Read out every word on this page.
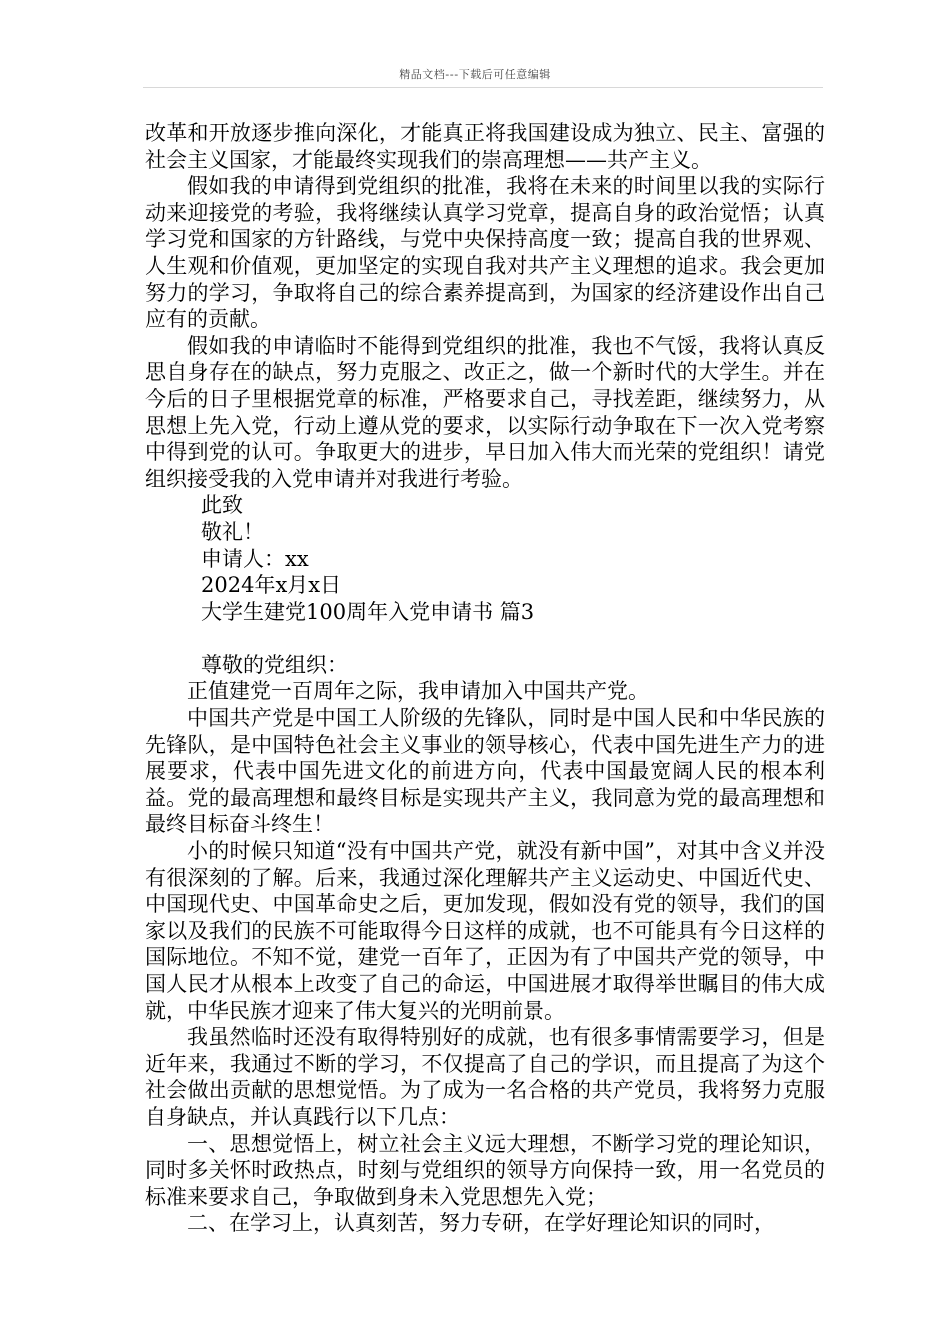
精品文档---下载后可任意编辑

改革和开放逐步推向深化，才能真正将我国建设成为独立、民主、富强的社会主义国家，才能最终实现我们的崇高理想——共产主义。

假如我的申请得到党组织的批准，我将在未来的时间里以我的实际行动来迎接党的考验，我将继续认真学习党章，提高自身的政治觉悟；认真学习党和国家的方针路线，与党中央保持高度一致；提高自我的世界观、人生观和价值观，更加坚定的实现自我对共产主义理想的追求。我会更加努力的学习，争取将自己的综合素养提高到，为国家的经济建设作出自己应有的贡献。

假如我的申请临时不能得到党组织的批准，我也不气馁，我将认真反思自身存在的缺点，努力克服之、改正之，做一个新时代的大学生。并在今后的日子里根据党章的标准，严格要求自己，寻找差距，继续努力，从思想上先入党，行动上遵从党的要求，以实际行动争取在下一次入党考察中得到党的认可。争取更大的进步，早日加入伟大而光荣的党组织！请党组织接受我的入党申请并对我进行考验。

此致

敬礼！

申请人：xx

2024年x月x日

大学生建党100周年入党申请书 篇3

尊敬的党组织：

正值建党一百周年之际，我申请加入中国共产党。

中国共产党是中国工人阶级的先锋队，同时是中国人民和中华民族的先锋队，是中国特色社会主义事业的领导核心，代表中国先进生产力的进展要求，代表中国先进文化的前进方向，代表中国最宽阔人民的根本利益。党的最高理想和最终目标是实现共产主义，我同意为党的最高理想和最终目标奋斗终生！

小的时候只知道“没有中国共产党，就没有新中国”，对其中含义并没有很深刻的了解。后来，我通过深化理解共产主义运动史、中国近代史、中国现代史、中国革命史之后，更加发现，假如没有党的领导，我们的国家以及我们的民族不可能取得今日这样的成就，也不可能具有今日这样的国际地位。不知不觉，建党一百年了，正因为有了中国共产党的领导，中国人民才从根本上改变了自己的命运，中国进展才取得举世瞩目的伟大成就，中华民族才迎来了伟大复兴的光明前景。

我虽然临时还没有取得特别好的成就，也有很多事情需要学习，但是近年来，我通过不断的学习，不仅提高了自己的学识，而且提高了为这个社会做出贡献的思想觉悟。为了成为一名合格的共产党员，我将努力克服自身缺点，并认真践行以下几点：

一、思想觉悟上，树立社会主义远大理想，不断学习党的理论知识，同时多关怀时政热点，时刻与党组织的领导方向保持一致，用一名党员的标准来要求自己，争取做到身未入党思想先入党；

二、在学习上，认真刻苦，努力专研，在学好理论知识的同时，
